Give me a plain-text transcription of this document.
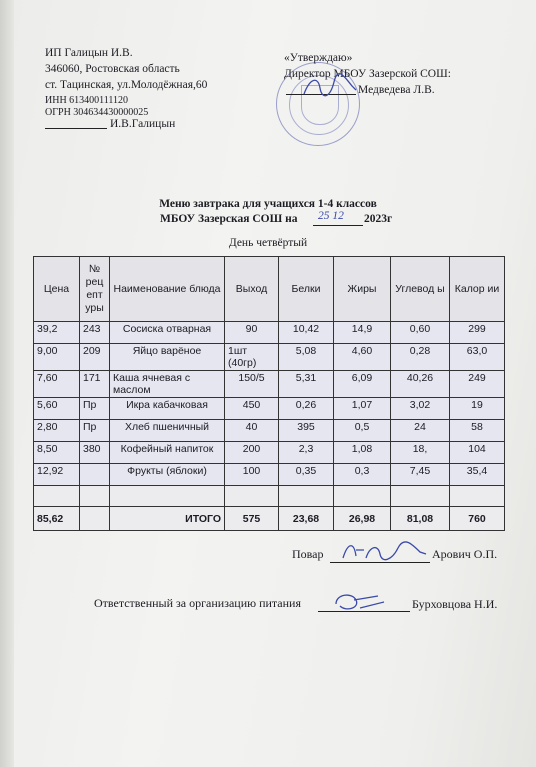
ИП Галицын И.В.
346060, Ростовская область
ст. Тацинская, ул.Молодёжная,60
ИНН 613400111120
ОГРН 304634430000025
И.В.Галицын
«Утверждаю»
Директор МБОУ Зазерской СОШ:
Медведева Л.В.
Меню завтрака для учащихся 1-4 классов
МБОУ Зазерская СОШ на 25 12 2023г
День четвёртый
Цена	№ рец епт уры	Наименование блюда	Выход	Белки	Жиры	Углевод ы	Калор ии
39,2	243	Сосиска отварная	90	10,42	14,9	0,60	299
9,00	209	Яйцо варёное	1шт (40гр)	5,08	4,60	0,28	63,0
7,60	171	Каша ячневая с маслом	150/5	5,31	6,09	40,26	249
5,60	Пр	Икра кабачковая	450	0,26	1,07	3,02	19
2,80	Пр	Хлеб пшеничный	40	395	0,5	24	58
8,50	380	Кофейный напиток	200	2,3	1,08	18,	104
12,92		Фрукты (яблоки)	100	0,35	0,3	7,45	35,4

85,62		ИТОГО	575	23,68	26,98	81,08	760
Повар	Арович О.П.
Ответственный за организацию питания	Бурховцова Н.И.
